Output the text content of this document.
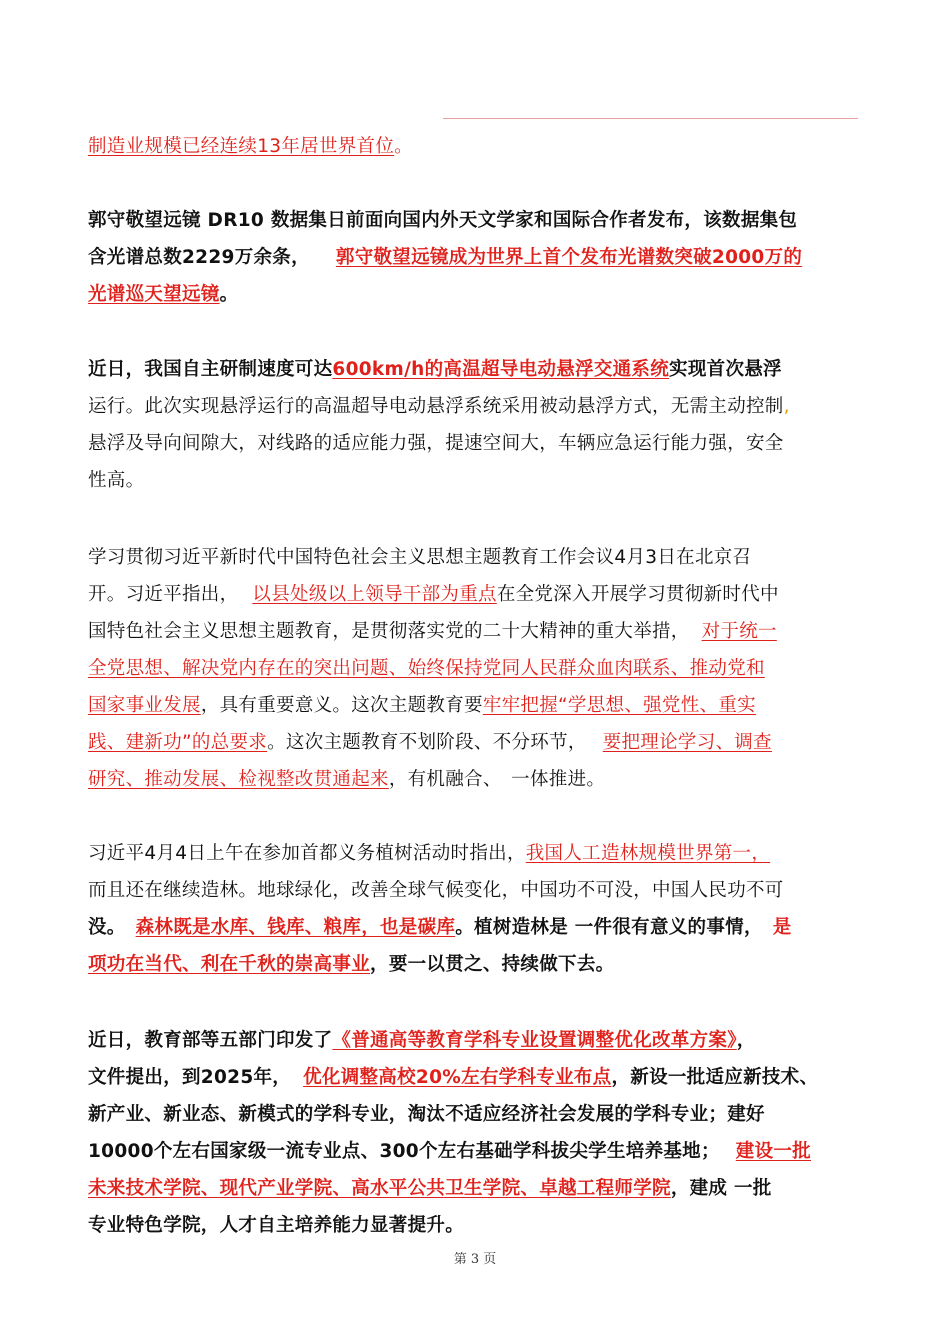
制造业规模已经连续13年居世界首位。
郭守敬望远镜 DR10 数据集日前面向国内外天文学家和国际合作者发布，该数据集包
含光谱总数2229万余条， 郭守敬望远镜成为世界上首个发布光谱数突破2000万的
光谱巡天望远镜。
近日，我国自主研制速度可达600km/h的高温超导电动悬浮交通系统实现首次悬浮
运行。此次实现悬浮运行的高温超导电动悬浮系统采用被动悬浮方式，无需主动控制,
悬浮及导向间隙大，对线路的适应能力强，提速空间大，车辆应急运行能力强，安全
性高。
学习贯彻习近平新时代中国特色社会主义思想主题教育工作会议4月3日在北京召
开。习近平指出， 以县处级以上领导干部为重点在全党深入开展学习贯彻新时代中
国特色社会主义思想主题教育，是贯彻落实党的二十大精神的重大举措， 对于统一
全党思想、解决党内存在的突出问题、始终保持党同人民群众血肉联系、推动党和
国家事业发展，具有重要意义。这次主题教育要牢牢把握“学思想、强党性、重实
践、建新功”的总要求。这次主题教育不划阶段、不分环节， 要把理论学习、调查
研究、推动发展、检视整改贯通起来，有机融合、　一体推进。
习近平4月4日上午在参加首都义务植树活动时指出，我国人工造林规模世界第一，
而且还在继续造林。地球绿化，改善全球气候变化，中国功不可没，中国人民功不可
没。 森林既是水库、钱库、粮库，也是碳库。植树造林是 一件很有意义的事情， 是
项功在当代、利在千秋的崇高事业，要一以贯之、持续做下去。
近日，教育部等五部门印发了《普通高等教育学科专业设置调整优化改革方案》，
文件提出，到2025年， 优化调整高校20%左右学科专业布点，新设一批适应新技术、
新产业、新业态、新模式的学科专业，淘汰不适应经济社会发展的学科专业；建好
10000个左右国家级一流专业点、300个左右基础学科拔尖学生培养基地； 建设一批
未来技术学院、现代产业学院、高水平公共卫生学院、卓越工程师学院，建成 一批
专业特色学院，人才自主培养能力显著提升。
第 3 页
